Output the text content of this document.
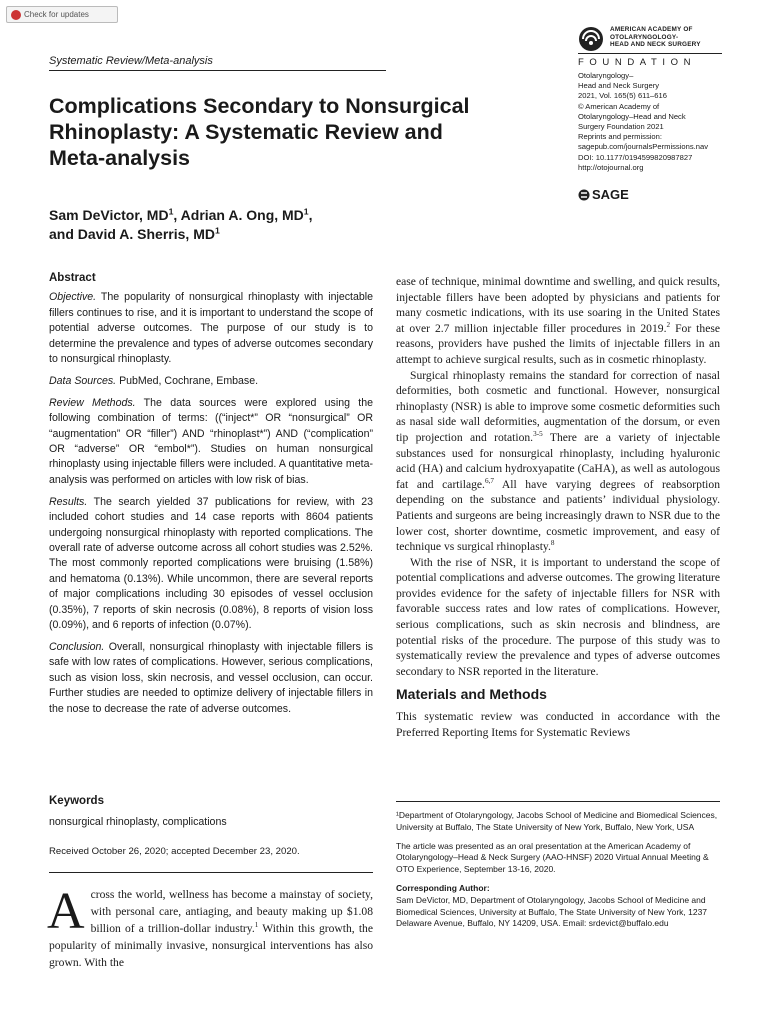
Check for updates
Systematic Review/Meta-analysis
Complications Secondary to Nonsurgical Rhinoplasty: A Systematic Review and Meta-analysis
Sam DeVictor, $MD^1$, Adrian A. Ong, $MD^1$,
and David A. Sherris, $MD^1$
AMERICAN ACADEMY OF
OTOLARYNGOLOGY-
HEAD AND NECK SURGERY
FOUNDATION
Otolaryngology–
Head and Neck Surgery
2021, Vol. 165(5) 611–616
© American Academy of
Otolaryngology–Head and Neck
Surgery Foundation 2021
Reprints and permission:
sagepub.com/journalsPermissions.nav
DOI: 10.1177/0194599820987827
http://otojournal.org
SAGE
Abstract

Objective. The popularity of nonsurgical rhinoplasty with injectable fillers continues to rise, and it is important to understand the scope of potential adverse outcomes. The purpose of our study is to determine the prevalence and types of adverse outcomes secondary to nonsurgical rhinoplasty.

Data Sources. PubMed, Cochrane, Embase.

Review Methods. The data sources were explored using the following combination of terms: ((“inject*” OR “nonsurgical” OR “augmentation” OR “filler”) AND “rhinoplast*”) AND (“complication” OR “adverse” OR “embol*”). Studies on human nonsurgical rhinoplasty using injectable fillers were included. A quantitative meta-analysis was performed on articles with low risk of bias.

Results. The search yielded 37 publications for review, with 23 included cohort studies and 14 case reports with 8604 patients undergoing nonsurgical rhinoplasty with reported complications. The overall rate of adverse outcome across all cohort studies was 2.52%. The most commonly reported complications were bruising (1.58%) and hematoma (0.13%). While uncommon, there are several reports of major complications including 30 episodes of vessel occlusion (0.35%), 7 reports of skin necrosis (0.08%), 8 reports of vision loss (0.09%), and 6 reports of infection (0.07%).

Conclusion. Overall, nonsurgical rhinoplasty with injectable fillers is safe with low rates of complications. However, serious complications, such as vision loss, skin necrosis, and vessel occlusion, can occur. Further studies are needed to optimize delivery of injectable fillers in the nose to decrease the rate of adverse outcomes.

Keywords
nonsurgical rhinoplasty, complications
Received October 26, 2020; accepted December 23, 2020.
Across the world, wellness has become a mainstay of society, with personal care, antiaging, and beauty making up $1.08 billion of a trillion-dollar industry.$^1$ Within this growth, the popularity of minimally invasive, nonsurgical interventions has also grown. With the

ease of technique, minimal downtime and swelling, and quick results, injectable fillers have been adopted by physicians and patients for many cosmetic indications, with its use soaring in the United States at over 2.7 million injectable filler procedures in 2019.$^2$ For these reasons, providers have pushed the limits of injectable fillers in an attempt to achieve surgical results, such as in cosmetic rhinoplasty.

Surgical rhinoplasty remains the standard for correction of nasal deformities, both cosmetic and functional. However, nonsurgical rhinoplasty (NSR) is able to improve some cosmetic deformities such as nasal side wall deformities, augmentation of the dorsum, or even tip projection and rotation.$^{3-5}$ There are a variety of injectable substances used for nonsurgical rhinoplasty, including hyaluronic acid (HA) and calcium hydroxyapatite (CaHA), as well as autologous fat and cartilage.$^{6,7}$ All have varying degrees of reabsorption depending on the substance and patients’ individual physiology. Patients and surgeons are being increasingly drawn to NSR due to the lower cost, shorter downtime, cosmetic improvement, and easy of technique vs surgical rhinoplasty.$^8$

With the rise of NSR, it is important to understand the scope of potential complications and adverse outcomes. The growing literature provides evidence for the safety of injectable fillers for NSR with favorable success rates and low rates of complications. However, serious complications, such as skin necrosis and blindness, are potential risks of the procedure. The purpose of this study was to systematically review the prevalence and types of adverse outcomes secondary to NSR reported in the literature.

Materials and Methods

This systematic review was conducted in accordance with the Preferred Reporting Items for Systematic Reviews

¹Department of Otolaryngology, Jacobs School of Medicine and Biomedical Sciences, University at Buffalo, The State University of New York, Buffalo, New York, USA

The article was presented as an oral presentation at the American Academy of Otolaryngology–Head & Neck Surgery (AAO-HNSF) 2020 Virtual Annual Meeting & OTO Experience, September 13-16, 2020.

Corresponding Author:
Sam DeVictor, MD, Department of Otolaryngology, Jacobs School of Medicine and Biomedical Sciences, University at Buffalo, The State University of New York, 1237 Delaware Avenue, Buffalo, NY 14209, USA. Email: srdevict@buffalo.edu
